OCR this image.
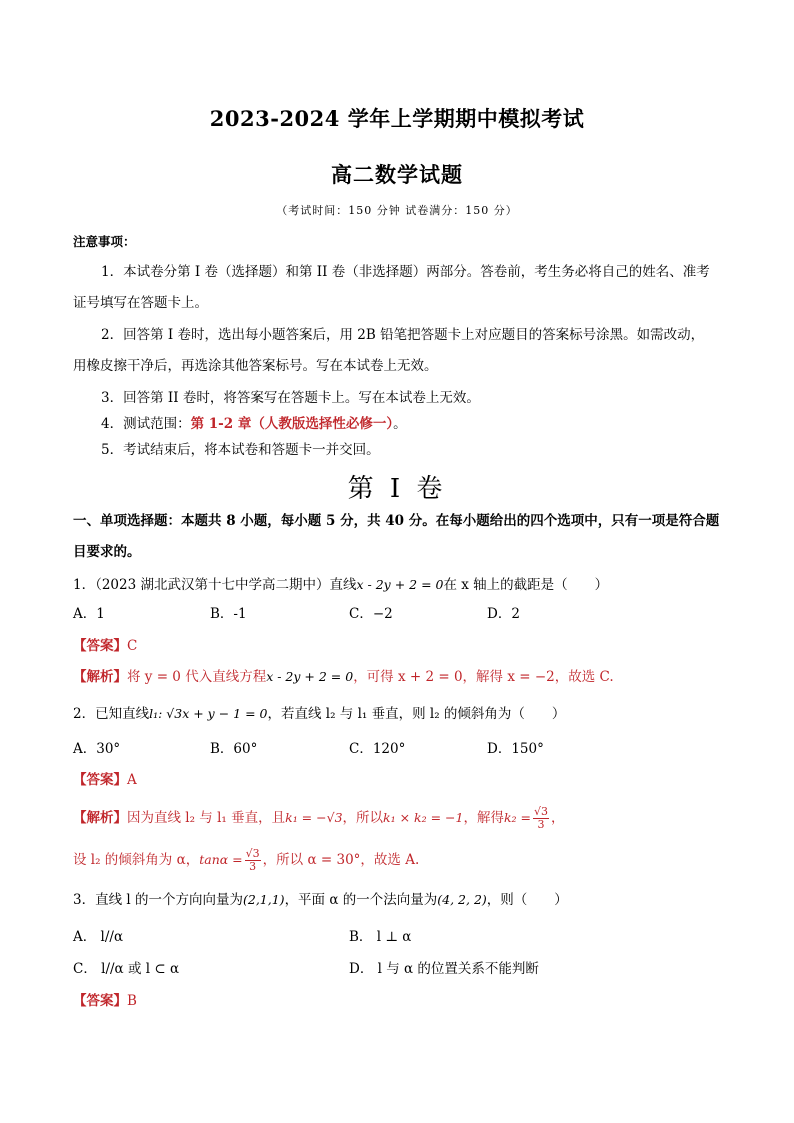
2023-2024 学年上学期期中模拟考试
高二数学试题
（考试时间：150 分钟 试卷满分：150 分）
注意事项：
1．本试卷分第 I 卷（选择题）和第 II 卷（非选择题）两部分。答卷前，考生务必将自己的姓名、准考
证号填写在答题卡上。
2．回答第 I 卷时，选出每小题答案后，用 2B 铅笔把答题卡上对应题目的答案标号涂黑。如需改动，
用橡皮擦干净后，再选涂其他答案标号。写在本试卷上无效。
3．回答第 II 卷时，将答案写在答题卡上。写在本试卷上无效。
4．测试范围：第 1-2 章（人教版选择性必修一）。
5．考试结束后，将本试卷和答题卡一并交回。
第 I 卷
一、单项选择题：本题共 8 小题，每小题 5 分，共 40 分。在每小题给出的四个选项中，只有一项是符合题
目要求的。
1．（2023 湖北武汉第十七中学高二期中）直线x - 2y + 2 = 0在 x 轴上的截距是（　　）
A．1	B．-1	C．−2	D．2
【答案】C
【解析】将 y = 0 代入直线方程x - 2y + 2 = 0，可得 x + 2 = 0，解得 x = −2，故选 C.
2．已知直线l₁: √3x + y − 1 = 0，若直线 l₂ 与 l₁ 垂直，则 l₂ 的倾斜角为（　　）
A．30°	B．60°	C．120°	D．150°
【答案】A
【解析】因为直线 l₂ 与 l₁ 垂直，且k₁ = −√3，所以k₁ × k₂ = −1，解得$k_2 = \frac{√3}{3}$ ，
设 l₂ 的倾斜角为 α，$\tan\alpha = \frac{√3}{3}$ ，所以 α = 30°，故选 A.
3．直线 l 的一个方向向量为(2,1,1)，平面 α 的一个法向量为(4, 2, 2)，则（　　）
A． l//α	B． l ⊥ α
C． l//α 或 l ⊂ α	D． l 与 α 的位置关系不能判断
【答案】B
